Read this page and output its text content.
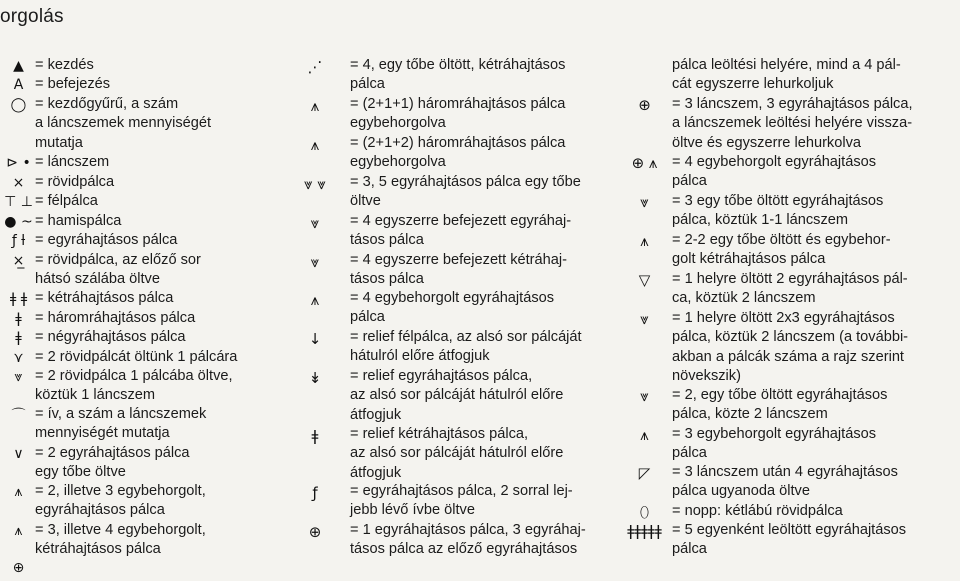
orgolás
▲ = kezdés
A = befejezés
◯ = kezdőgyűrű, a szám
a láncszemek mennyiségét
mutatja
⊳ • = láncszem
× = rövidpálca
⊤ ⊥ = félpálca
● ~ = hamispálca
ƒ ƚ = egyráhajtásos pálca
×̲ = rövidpálca, az előző sor
hátsó szálába öltve
ǂ ǂ = kétráhajtásos pálca
ǂ = háromráhajtásos pálca
ǂ = négyráhajtásos pálca
⋎ = 2 rövidpálcát öltünk 1 pálcára
⩔ = 2 rövidpálca 1 pálcába öltve,
köztük 1 láncszem
⌒ = ív, a szám a láncszemek
mennyiségét mutatja
∨ = 2 egyráhajtásos pálca
egy tőbe öltve
⩚ = 2, illetve 3 egybehorgolt,
egyráhajtásos pálca
⩚ = 3, illetve 4 egybehorgolt,
kétráhajtásos pálca
⊕
⋰	= 4, egy tőbe öltött, kétráhajtásos
pálca
⩚	= (2+1+1) háromráhajtásos pálca
egybehorgolva
⩚	= (2+1+2) háromráhajtásos pálca
egybehorgolva
⩔ ⩔	= 3, 5 egyráhajtásos pálca egy tőbe
öltve
⩔	= 4 egyszerre befejezett egyráhaj-
tásos pálca
⩔	= 4 egyszerre befejezett kétráhaj-
tásos pálca
⩚	= 4 egybehorgolt egyráhajtásos
pálca
↓	= relief félpálca, az alsó sor pálcáját
hátulról előre átfogjuk
↡	= relief egyráhajtásos pálca,
az alsó sor pálcáját hátulról előre
átfogjuk
ǂ	= relief kétráhajtásos pálca,
az alsó sor pálcáját hátulról előre
átfogjuk
ƒ	= egyráhajtásos pálca, 2 sorral lej-
jebb lévő ívbe öltve
⊕	= 1 egyráhajtásos pálca, 3 egyráhaj-
tásos pálca az előző egyráhajtásos
pálca leöltési helyére, mind a 4 pál-
cát egyszerre lehurkoljuk
⊕	= 3 láncszem, 3 egyráhajtásos pálca,
a láncszemek leöltési helyére vissza-
öltve és egyszerre lehurkolva
⊕ ⩚	= 4 egybehorgolt egyráhajtásos
pálca
⩔	= 3 egy tőbe öltött egyráhajtásos
pálca, köztük 1-1 láncszem
⩚	= 2-2 egy tőbe öltött és egybehor-
golt kétráhajtásos pálca
▽	= 1 helyre öltött 2 egyráhajtásos pál-
ca, köztük 2 láncszem
⩔	= 1 helyre öltött 2x3 egyráhajtásos
pálca, köztük 2 láncszem (a további-
akban a pálcák száma a rajz szerint
növekszik)
⩔	= 2, egy tőbe öltött egyráhajtásos
pálca, közte 2 láncszem
⩚	= 3 egybehorgolt egyráhajtásos
pálca
◸	= 3 láncszem után 4 egyráhajtásos
pálca ugyanoda öltve
⬯	= nopp: kétlábú rövidpálca
ǂǂǂǂǂ = 5 egyenként leöltött egyráhajtásos
pálca
